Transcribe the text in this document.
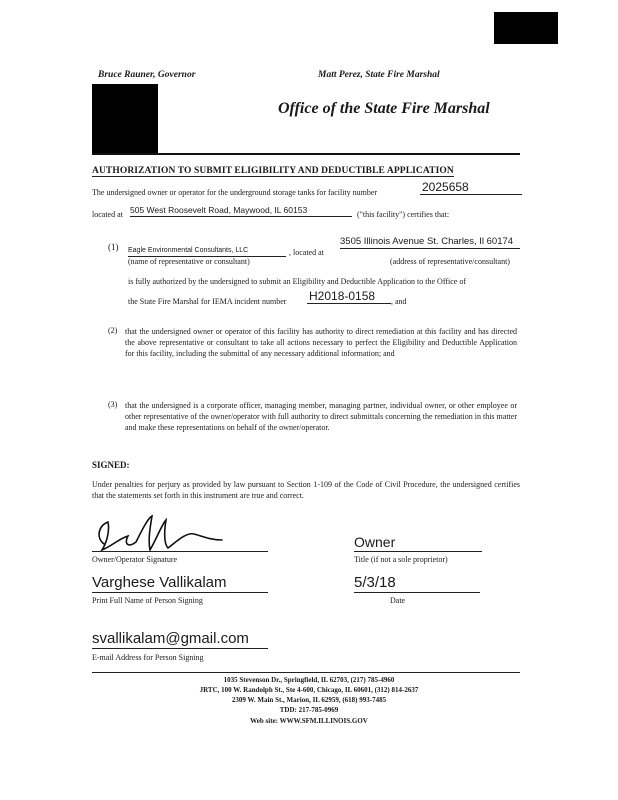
Bruce Rauner, Governor	Matt Perez, State Fire Marshal
Office of the State Fire Marshal
AUTHORIZATION TO SUBMIT ELIGIBILITY AND DEDUCTIBLE APPLICATION
The undersigned owner or operator for the underground storage tanks for facility number	2025658
located at 505 West Roosevelt Road, Maywood, IL 60153	("this facility") certifies that:
(1) Eagle Environmental Consultants, LLC	, located at
3505 Illinois Avenue St. Charles, Il 60174
(name of representative or consultant)	(address of representative/consultant)
is fully authorized by the undersigned to submit an Eligibility and Deductible Application to the Office of
the State Fire Marshal for IEMA incident number H2018-0158	, and
(2) that the undersigned owner or operator of this facility has authority to direct remediation at this facility and has directed the above representative or consultant to take all actions necessary to perfect the Eligibility and Deductible Application for this facility, including the submittal of any necessary additional information; and
(3) that the undersigned is a corporate officer, managing member, managing partner, individual owner, or other employee or other representative of the owner/operator with full authority to direct submittals concerning the remediation in this matter and make these representations on behalf of the owner/operator.
SIGNED:
Under penalties for perjury as provided by law pursuant to Section 1-109 of the Code of Civil Procedure, the undersigned certifies that the statements set forth in this instrument are true and correct.
Owner/Operator Signature
Owner
Title (if not a sole proprietor)
Varghese Vallikalam
Print Full Name of Person Signing
5/3/18
Date
svallikalam@gmail.com
E-mail Address for Person Signing
1035 Stevenson Dr., Springfield, IL 62703, (217) 785-4960
JRTC, 100 W. Randolph St., Ste 4-600, Chicago, IL 60601, (312) 814-2637
2309 W. Main St., Marion, IL 62959, (618) 993-7485
TDD: 217-785-0969
Web site: WWW.SFM.ILLINOIS.GOV
